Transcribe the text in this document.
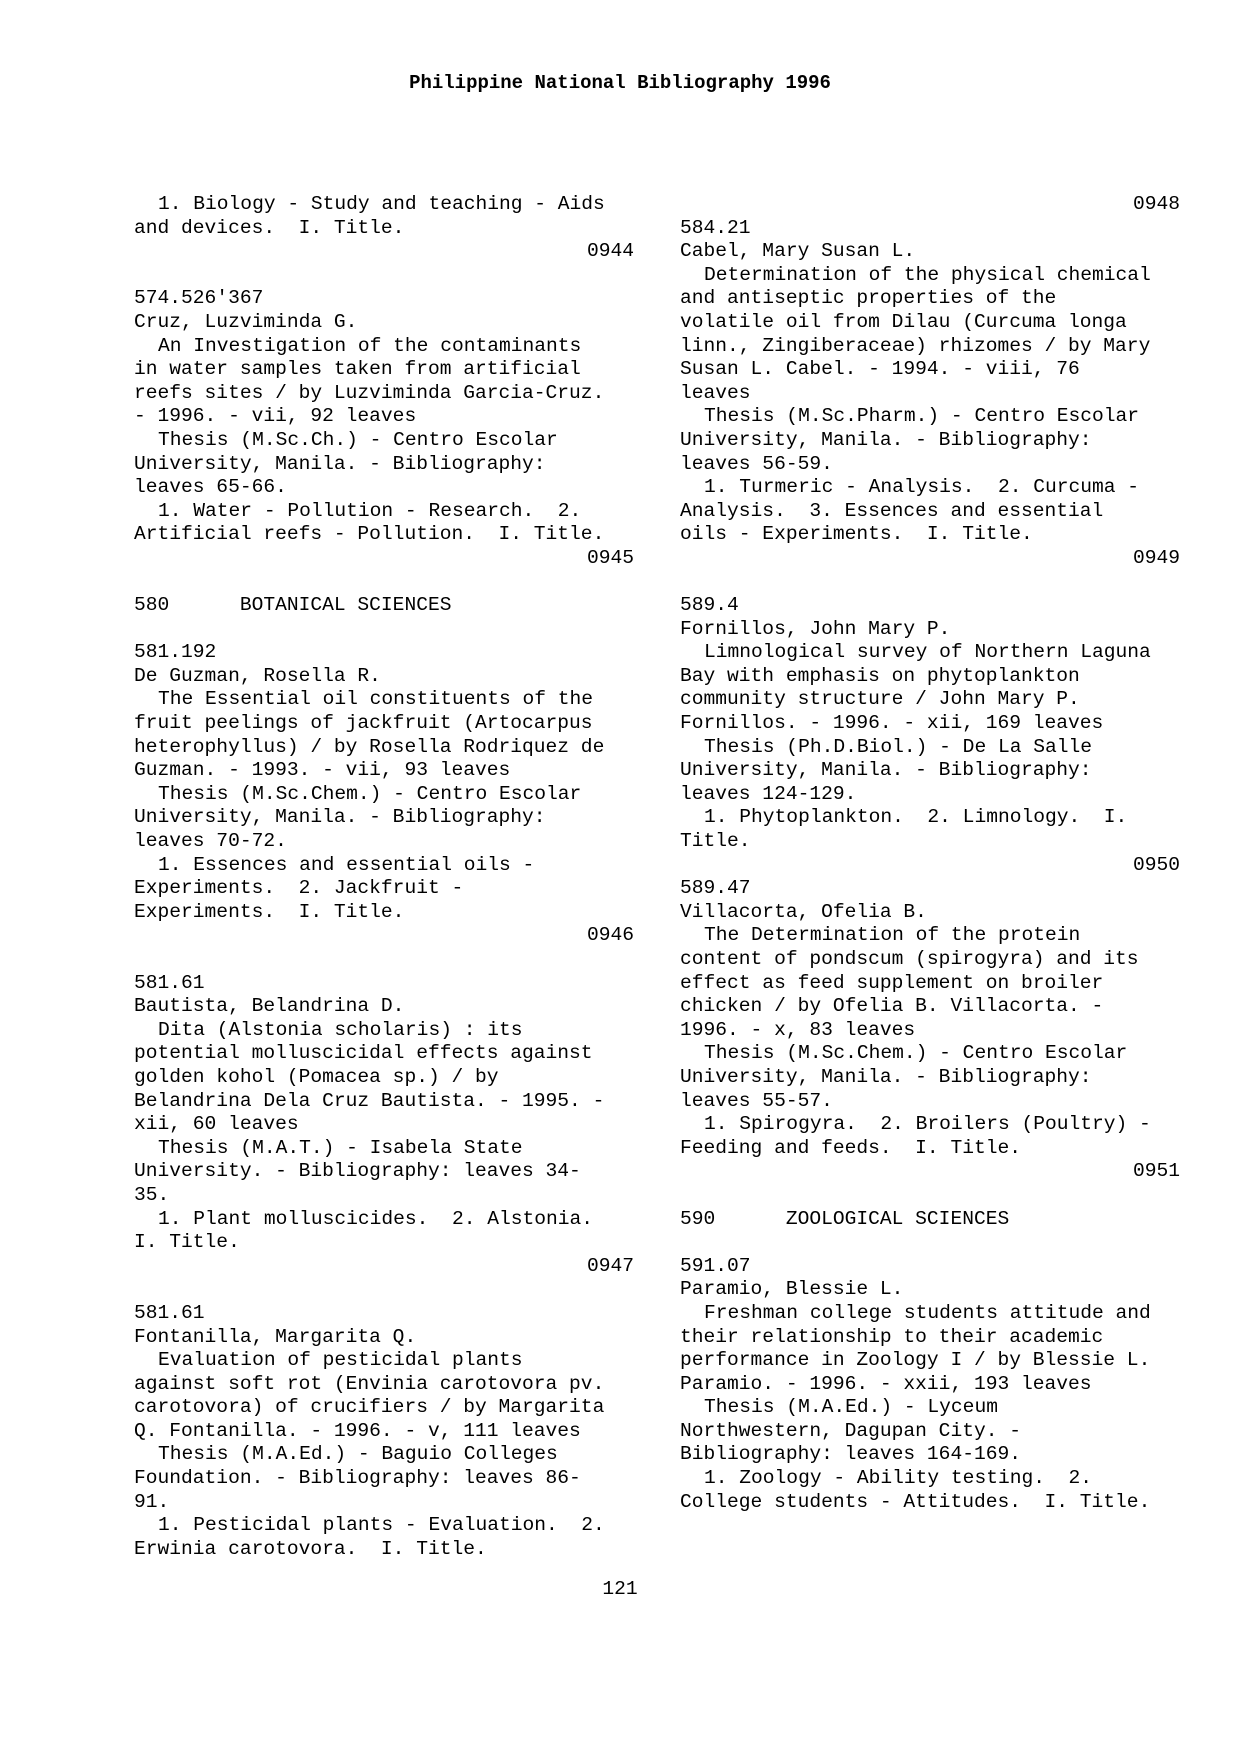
Philippine National Bibliography 1996
1. Biology - Study and teaching - Aids
and devices.  I. Title.
0944
574.526'367
Cruz, Luzviminda G.
An Investigation of the contaminants
in water samples taken from artificial
reefs sites / by Luzviminda Garcia-Cruz.
- 1996. - vii, 92 leaves
Thesis (M.Sc.Ch.) - Centro Escolar
University, Manila. - Bibliography:
leaves 65-66.
1. Water - Pollution - Research.  2.
Artificial reefs - Pollution.  I. Title.
0945
580      BOTANICAL SCIENCES
581.192
De Guzman, Rosella R.
The Essential oil constituents of the
fruit peelings of jackfruit (Artocarpus
heterophyllus) / by Rosella Rodriquez de
Guzman. - 1993. - vii, 93 leaves
Thesis (M.Sc.Chem.) - Centro Escolar
University, Manila. - Bibliography:
leaves 70-72.
1. Essences and essential oils -
Experiments.  2. Jackfruit -
Experiments.  I. Title.
0946
581.61
Bautista, Belandrina D.
Dita (Alstonia scholaris) : its
potential molluscicidal effects against
golden kohol (Pomacea sp.) / by
Belandrina Dela Cruz Bautista. - 1995. -
xii, 60 leaves
Thesis (M.A.T.) - Isabela State
University. - Bibliography: leaves 34-
35.
1. Plant molluscicides.  2. Alstonia.
I. Title.
0947
581.61
Fontanilla, Margarita Q.
Evaluation of pesticidal plants
against soft rot (Envinia carotovora pv.
carotovora) of crucifiers / by Margarita
Q. Fontanilla. - 1996. - v, 111 leaves
Thesis (M.A.Ed.) - Baguio Colleges
Foundation. - Bibliography: leaves 86-
91.
1. Pesticidal plants - Evaluation.  2.
Erwinia carotovora.  I. Title.
0948
584.21
Cabel, Mary Susan L.
Determination of the physical chemical
and antiseptic properties of the
volatile oil from Dilau (Curcuma longa
linn., Zingiberaceae) rhizomes / by Mary
Susan L. Cabel. - 1994. - viii, 76
leaves
Thesis (M.Sc.Pharm.) - Centro Escolar
University, Manila. - Bibliography:
leaves 56-59.
1. Turmeric - Analysis.  2. Curcuma -
Analysis.  3. Essences and essential
oils - Experiments.  I. Title.
0949
589.4
Fornillos, John Mary P.
Limnological survey of Northern Laguna
Bay with emphasis on phytoplankton
community structure / John Mary P.
Fornillos. - 1996. - xii, 169 leaves
Thesis (Ph.D.Biol.) - De La Salle
University, Manila. - Bibliography:
leaves 124-129.
1. Phytoplankton.  2. Limnology.  I.
Title.
0950
589.47
Villacorta, Ofelia B.
The Determination of the protein
content of pondscum (spirogyra) and its
effect as feed supplement on broiler
chicken / by Ofelia B. Villacorta. -
1996. - x, 83 leaves
Thesis (M.Sc.Chem.) - Centro Escolar
University, Manila. - Bibliography:
leaves 55-57.
1. Spirogyra.  2. Broilers (Poultry) -
Feeding and feeds.  I. Title.
0951
590      ZOOLOGICAL SCIENCES
591.07
Paramio, Blessie L.
Freshman college students attitude and
their relationship to their academic
performance in Zoology I / by Blessie L.
Paramio. - 1996. - xxii, 193 leaves
Thesis (M.A.Ed.) - Lyceum
Northwestern, Dagupan City. -
Bibliography: leaves 164-169.
1. Zoology - Ability testing.  2.
College students - Attitudes.  I. Title.
121
